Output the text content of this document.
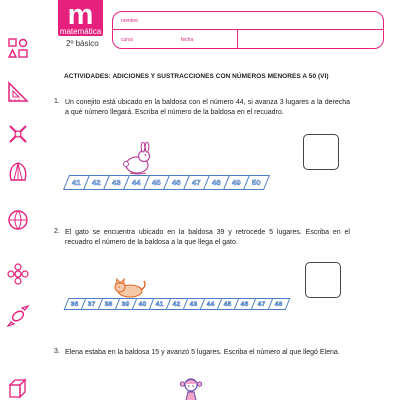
m
matemática
2º básico
nombre
curso	fecha
ACTIVIDADES: ADICIONES Y SUSTRACCIONES CON NÚMEROS MENORES A 50 (VI)
1. Un conejito está ubicado en la baldosa con el número 44, si avanza 3 lugares a la derecha a qué número llegará. Escriba el número de la baldosa en el recuadro.
41 42 43 44 45 46 47 48 49 50
2. El gato se encuentra ubicado en la baldosa 39 y retrocede 5 lugares. Escriba en el recuadro el número de la baldosa a la que llega el gato.
36 37 38 39 40 41 42 43 44 45 46 47 48
3. Elena estaba en la baldosa 15 y avanzó 5 lugares. Escriba el número al que llegó Elena.
